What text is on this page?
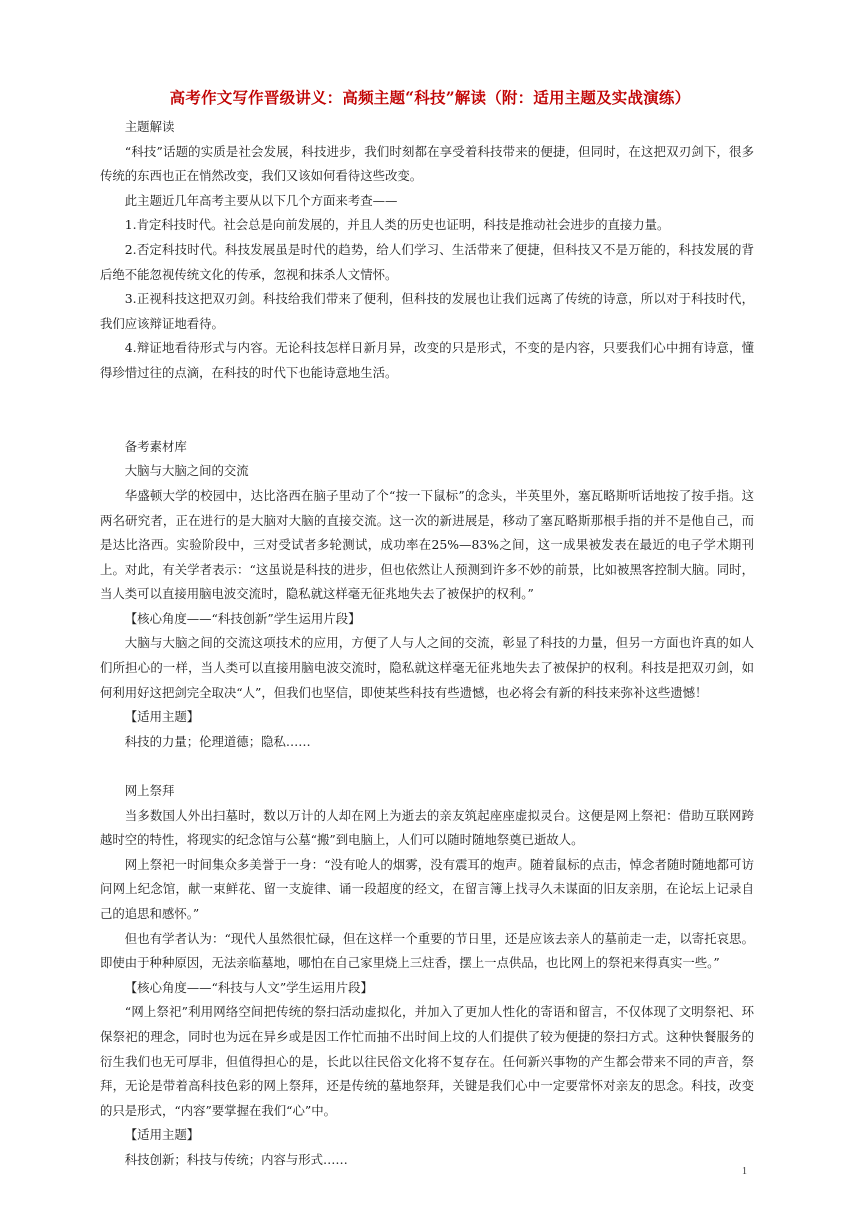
高考作文写作晋级讲义：高频主题“科技”解读（附：适用主题及实战演练）

主题解读

“科技”话题的实质是社会发展，科技进步，我们时刻都在享受着科技带来的便捷，但同时，在这把双刃剑下，很多传统的东西也正在悄然改变，我们又该如何看待这些改变。

此主题近几年高考主要从以下几个方面来考查——

1.肯定科技时代。社会总是向前发展的，并且人类的历史也证明，科技是推动社会进步的直接力量。

2.否定科技时代。科技发展虽是时代的趋势，给人们学习、生活带来了便捷，但科技又不是万能的，科技发展的背后绝不能忽视传统文化的传承，忽视和抹杀人文情怀。

3.正视科技这把双刃剑。科技给我们带来了便利，但科技的发展也让我们远离了传统的诗意，所以对于科技时代，我们应该辩证地看待。

4.辩证地看待形式与内容。无论科技怎样日新月异，改变的只是形式，不变的是内容，只要我们心中拥有诗意，懂得珍惜过往的点滴，在科技的时代下也能诗意地生活。

备考素材库

大脑与大脑之间的交流

华盛顿大学的校园中，达比洛西在脑子里动了个“按一下鼠标”的念头，半英里外，塞瓦略斯听话地按了按手指。这两名研究者，正在进行的是大脑对大脑的直接交流。这一次的新进展是，移动了塞瓦略斯那根手指的并不是他自己，而是达比洛西。实验阶段中，三对受试者多轮测试，成功率在25%—83%之间，这一成果被发表在最近的电子学术期刊上。对此，有关学者表示：“这虽说是科技的进步，但也依然让人预测到许多不妙的前景，比如被黑客控制大脑。同时，当人类可以直接用脑电波交流时，隐私就这样毫无征兆地失去了被保护的权利。”

【核心角度——“科技创新”学生运用片段】

大脑与大脑之间的交流这项技术的应用，方便了人与人之间的交流，彰显了科技的力量，但另一方面也许真的如人们所担心的一样，当人类可以直接用脑电波交流时，隐私就这样毫无征兆地失去了被保护的权利。科技是把双刃剑，如何利用好这把剑完全取决“人”，但我们也坚信，即使某些科技有些遗憾，也必将会有新的科技来弥补这些遗憾！

【适用主题】

科技的力量；伦理道德；隐私……

网上祭拜

当多数国人外出扫墓时，数以万计的人却在网上为逝去的亲友筑起座座虚拟灵台。这便是网上祭祀：借助互联网跨越时空的特性，将现实的纪念馆与公墓“搬”到电脑上，人们可以随时随地祭奠已逝故人。

网上祭祀一时间集众多美誉于一身：“没有呛人的烟雾，没有震耳的炮声。随着鼠标的点击，悼念者随时随地都可访问网上纪念馆，献一束鲜花、留一支旋律、诵一段超度的经文，在留言簿上找寻久未谋面的旧友亲朋，在论坛上记录自己的追思和感怀。”

但也有学者认为：“现代人虽然很忙碌，但在这样一个重要的节日里，还是应该去亲人的墓前走一走，以寄托哀思。即使由于种种原因，无法亲临墓地，哪怕在自己家里烧上三炷香，摆上一点供品，也比网上的祭祀来得真实一些。”

【核心角度——“科技与人文”学生运用片段】

“网上祭祀”利用网络空间把传统的祭扫活动虚拟化，并加入了更加人性化的寄语和留言，不仅体现了文明祭祀、环保祭祀的理念，同时也为远在异乡或是因工作忙而抽不出时间上坟的人们提供了较为便捷的祭扫方式。这种快餐服务的衍生我们也无可厚非，但值得担心的是，长此以往民俗文化将不复存在。任何新兴事物的产生都会带来不同的声音，祭拜，无论是带着高科技色彩的网上祭拜，还是传统的墓地祭拜，关键是我们心中一定要常怀对亲友的思念。科技，改变的只是形式，“内容”要掌握在我们“心”中。

【适用主题】

科技创新；科技与传统；内容与形式……

1
